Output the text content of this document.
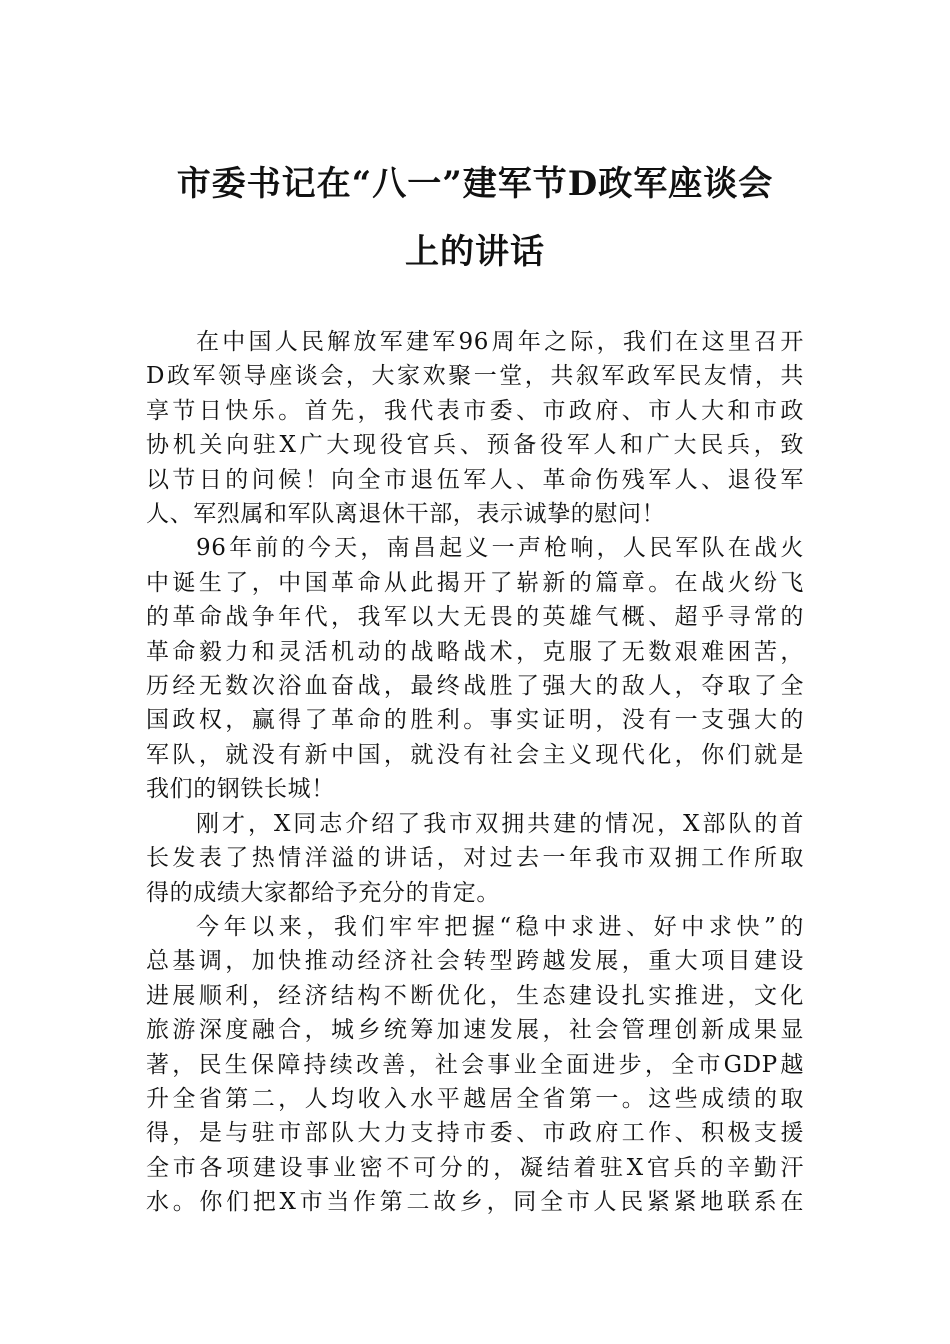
市委书记在“八一”建军节D政军座谈会
上的讲话

在中国人民解放军建军96周年之际，我们在这里召开
D政军领导座谈会，大家欢聚一堂，共叙军政军民友情，共
享节日快乐。首先，我代表市委、市政府、市人大和市政
协机关向驻X广大现役官兵、预备役军人和广大民兵，致
以节日的问候！向全市退伍军人、革命伤残军人、退役军
人、军烈属和军队离退休干部，表示诚挚的慰问！

96年前的今天，南昌起义一声枪响，人民军队在战火
中诞生了，中国革命从此揭开了崭新的篇章。在战火纷飞
的革命战争年代，我军以大无畏的英雄气概、超乎寻常的
革命毅力和灵活机动的战略战术，克服了无数艰难困苦，
历经无数次浴血奋战，最终战胜了强大的敌人，夺取了全
国政权，赢得了革命的胜利。事实证明，没有一支强大的
军队，就没有新中国，就没有社会主义现代化，你们就是
我们的钢铁长城！

刚才，X同志介绍了我市双拥共建的情况，X部队的首
长发表了热情洋溢的讲话，对过去一年我市双拥工作所取
得的成绩大家都给予充分的肯定。

今年以来，我们牢牢把握“稳中求进、好中求快”的
总基调，加快推动经济社会转型跨越发展，重大项目建设
进展顺利，经济结构不断优化，生态建设扎实推进，文化
旅游深度融合，城乡统筹加速发展，社会管理创新成果显
著，民生保障持续改善，社会事业全面进步，全市GDP越
升全省第二，人均收入水平越居全省第一。这些成绩的取
得，是与驻市部队大力支持市委、市政府工作、积极支援
全市各项建设事业密不可分的，凝结着驻X官兵的辛勤汗
水。你们把X市当作第二故乡，同全市人民紧紧地联系在
